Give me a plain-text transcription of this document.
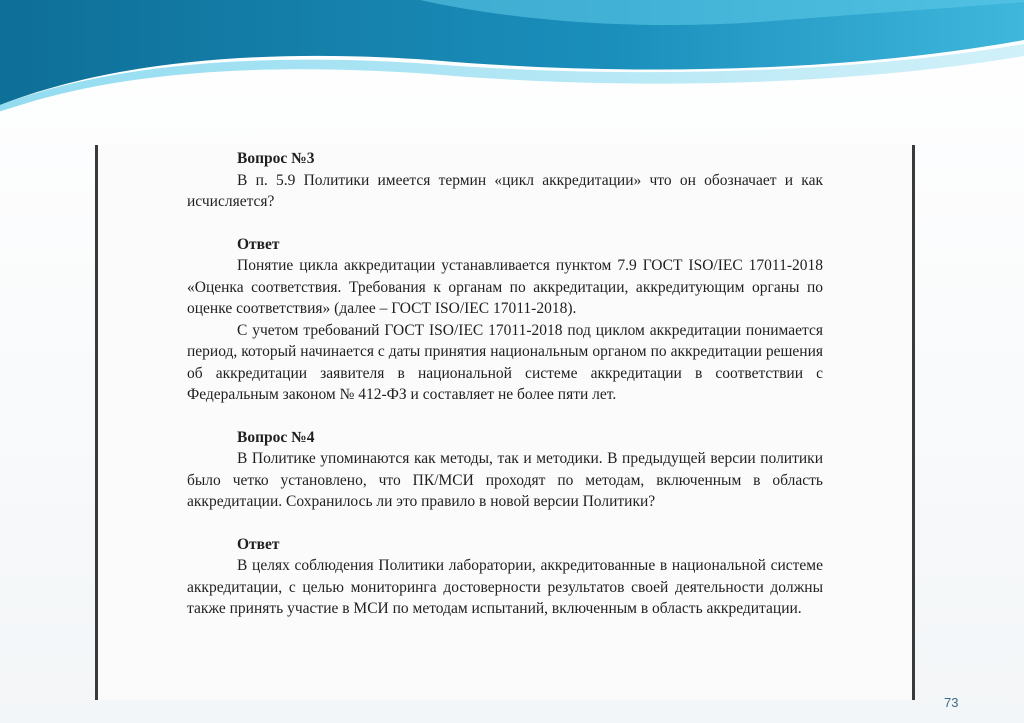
Вопрос №3

В п. 5.9 Политики имеется термин «цикл аккредитации» что он обозначает и как исчисляется?

Ответ

Понятие цикла аккредитации устанавливается пунктом 7.9 ГОСТ ISO/IEC 17011-2018 «Оценка соответствия. Требования к органам по аккредитации, аккредитующим органы по оценке соответствия» (далее – ГОСТ ISO/IEC 17011-2018).

С учетом требований ГОСТ ISO/IEC 17011-2018 под циклом аккредитации понимается период, который начинается с даты принятия национальным органом по аккредитации решения об аккредитации заявителя в национальной системе аккредитации в соответствии с Федеральным законом № 412-ФЗ и составляет не более пяти лет.

Вопрос №4

В Политике упоминаются как методы, так и методики. В предыдущей версии политики было четко установлено, что ПК/МСИ проходят по методам, включенным в область аккредитации. Сохранилось ли это правило в новой версии Политики?

Ответ

В целях соблюдения Политики лаборатории, аккредитованные в национальной системе аккредитации, с целью мониторинга достоверности результатов своей деятельности должны также принять участие в МСИ по методам испытаний, включенным в область аккредитации.

73
